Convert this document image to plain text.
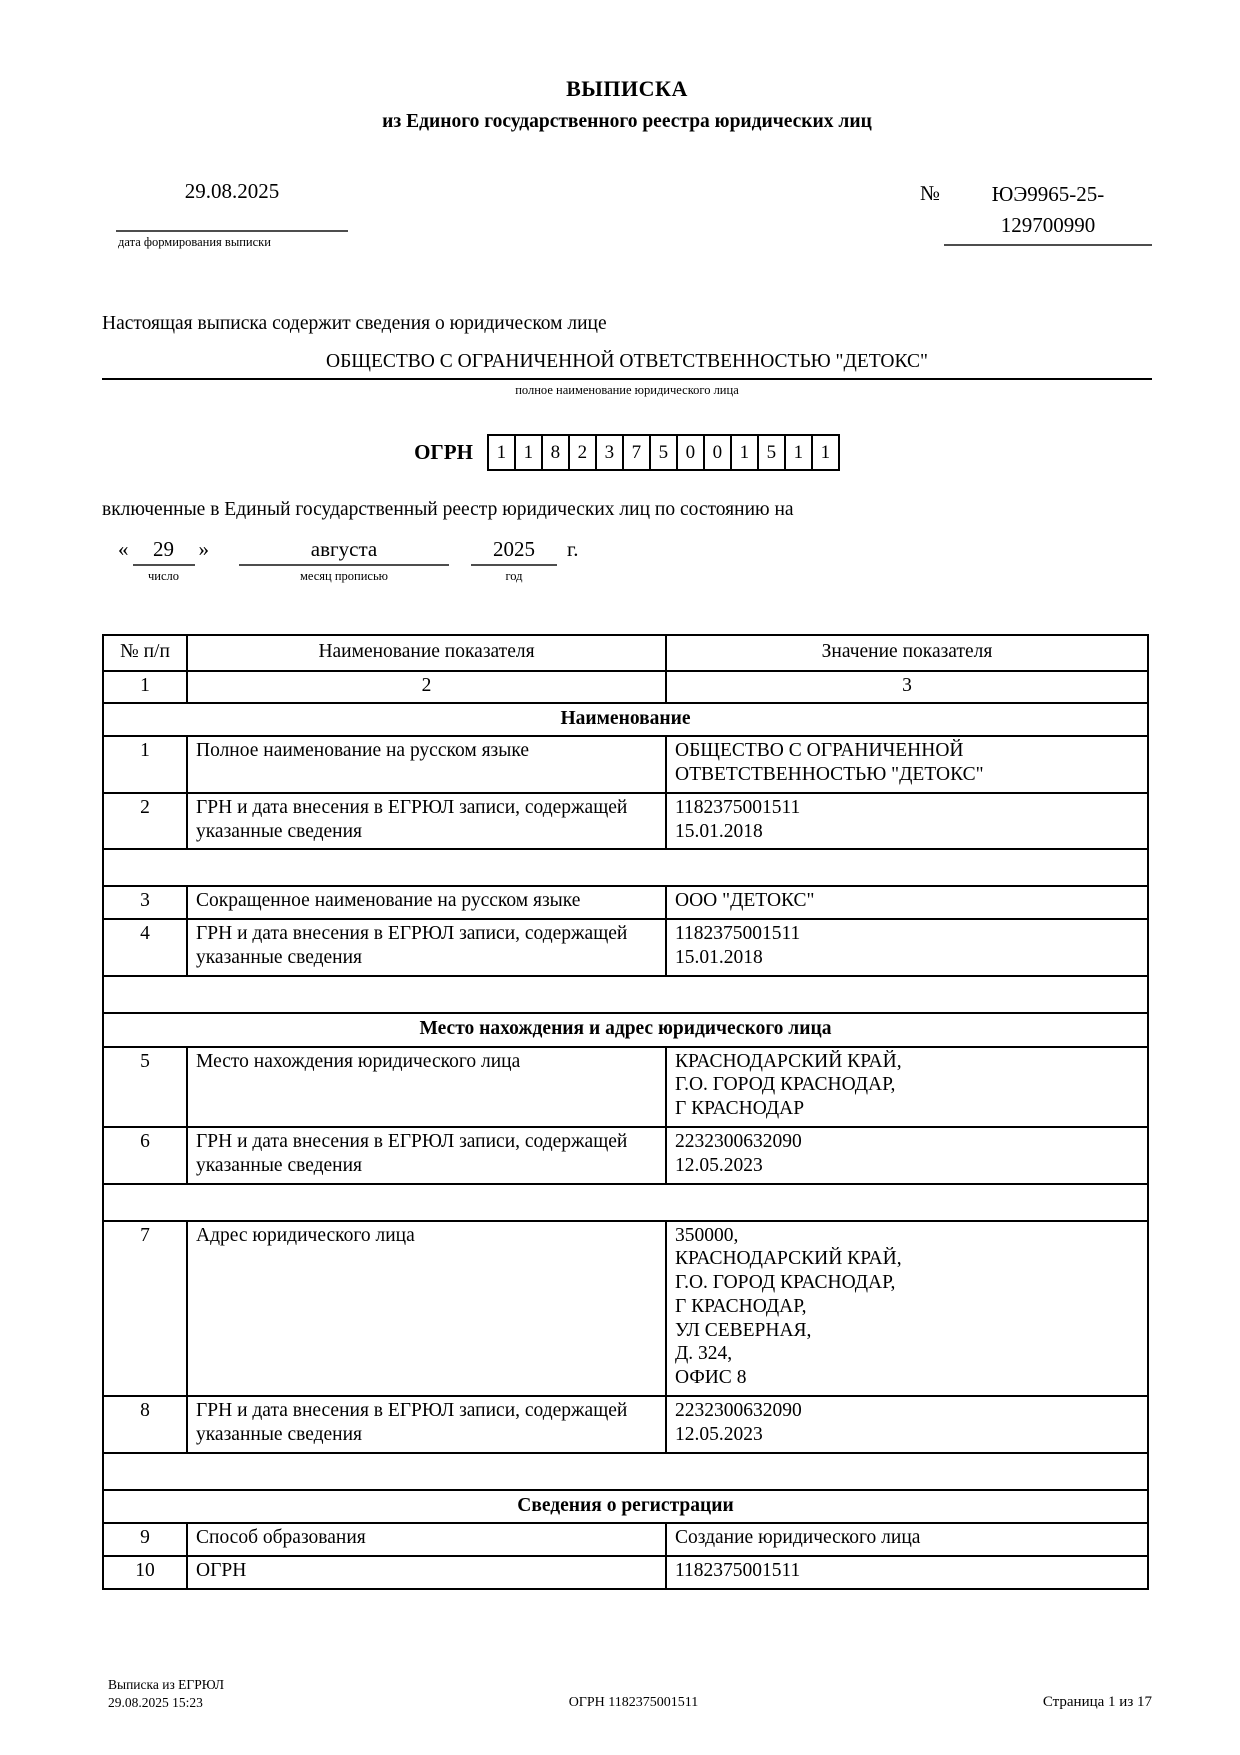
ВЫПИСКА
из Единого государственного реестра юридических лиц
29.08.2025
дата формирования выписки
№	ЮЭ9965-25-
129700990
Настоящая выписка содержит сведения о юридическом лице
ОБЩЕСТВО С ОГРАНИЧЕННОЙ ОТВЕТСТВЕННОСТЬЮ "ДЕТОКС"
полное наименование юридического лица
ОГРН	1 1 8 2 3 7 5 0 0 1 5 1 1
включенные в Единый государственный реестр юридических лиц по состоянию на
«	29
число
»	августа
месяц прописью
2025
год
г.
№ п/п	Наименование показателя	Значение показателя
1	2	3
Наименование		
1	Полное наименование на русском языке	ОБЩЕСТВО С ОГРАНИЧЕННОЙ ОТВЕТСТВЕННОСТЬЮ "ДЕТОКС"

2	ГРН и дата внесения в ЕГРЮЛ записи, содержащей указанные сведения	1182375001511
15.01.2018

3	Сокращенное наименование на русском языке	ООО "ДЕТОКС"

4	ГРН и дата внесения в ЕГРЮЛ записи, содержащей указанные сведения	1182375001511
15.01.2018

Место нахождения и адрес юридического лица		
5	Место нахождения юридического лица	КРАСНОДАРСКИЙ КРАЙ,
Г.О. ГОРОД КРАСНОДАР,
Г КРАСНОДАР

6	ГРН и дата внесения в ЕГРЮЛ записи, содержащей указанные сведения	2232300632090
12.05.2023

7	Адрес юридического лица	350000,
КРАСНОДАРСКИЙ КРАЙ,
Г.О. ГОРОД КРАСНОДАР,
Г КРАСНОДАР,
УЛ СЕВЕРНАЯ,
Д. 324,
ОФИС 8

8	ГРН и дата внесения в ЕГРЮЛ записи, содержащей указанные сведения	2232300632090
12.05.2023

Сведения о регистрации		
9	Способ образования	Создание юридического лица

10	ОГРН	1182375001511
Выписка из ЕГРЮЛ
29.08.2025 15:23	ОГРН 1182375001511	Страница 1 из 17
